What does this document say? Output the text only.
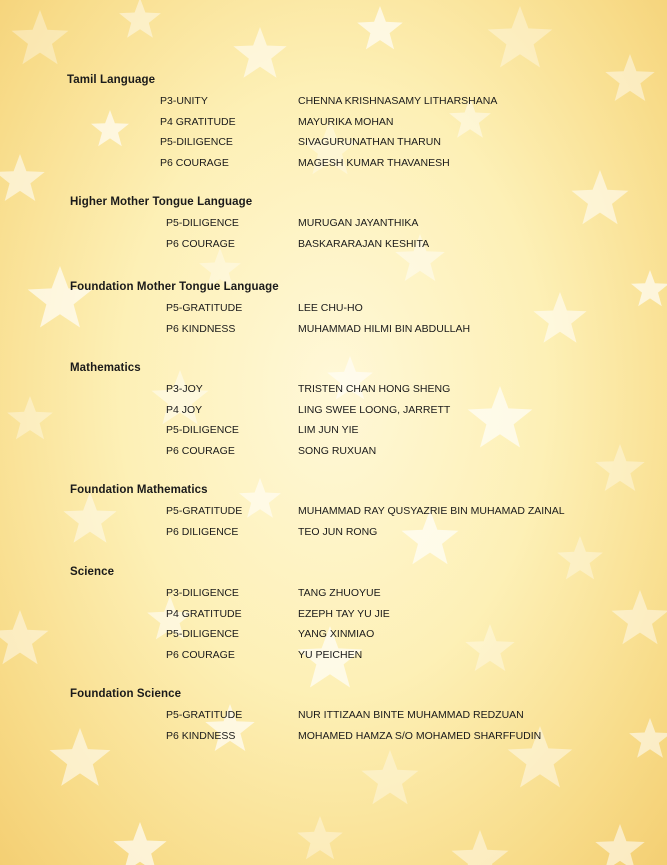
Tamil Language
P3-UNITY	CHENNA KRISHNASAMY LITHARSHANA
P4 GRATITUDE	MAYURIKA MOHAN
P5-DILIGENCE	SIVAGURUNATHAN THARUN
P6 COURAGE	MAGESH KUMAR THAVANESH
Higher Mother Tongue Language
P5-DILIGENCE	MURUGAN JAYANTHIKA
P6 COURAGE	BASKARARAJAN KESHITA
Foundation Mother Tongue Language
P5-GRATITUDE	LEE CHU-HO
P6 KINDNESS	MUHAMMAD HILMI BIN ABDULLAH
Mathematics
P3-JOY	TRISTEN CHAN HONG SHENG
P4 JOY	LING SWEE LOONG, JARRETT
P5-DILIGENCE	LIM JUN YIE
P6 COURAGE	SONG RUXUAN
Foundation Mathematics
P5-GRATITUDE	MUHAMMAD RAY QUSYAZRIE BIN MUHAMAD ZAINAL
P6 DILIGENCE	TEO JUN RONG
Science
P3-DILIGENCE	TANG ZHUOYUE
P4 GRATITUDE	EZEPH TAY YU JIE
P5-DILIGENCE	YANG XINMIAO
P6 COURAGE	YU PEICHEN
Foundation Science
P5-GRATITUDE	NUR ITTIZAAN BINTE MUHAMMAD REDZUAN
P6 KINDNESS	MOHAMED HAMZA S/O MOHAMED SHARFFUDIN
